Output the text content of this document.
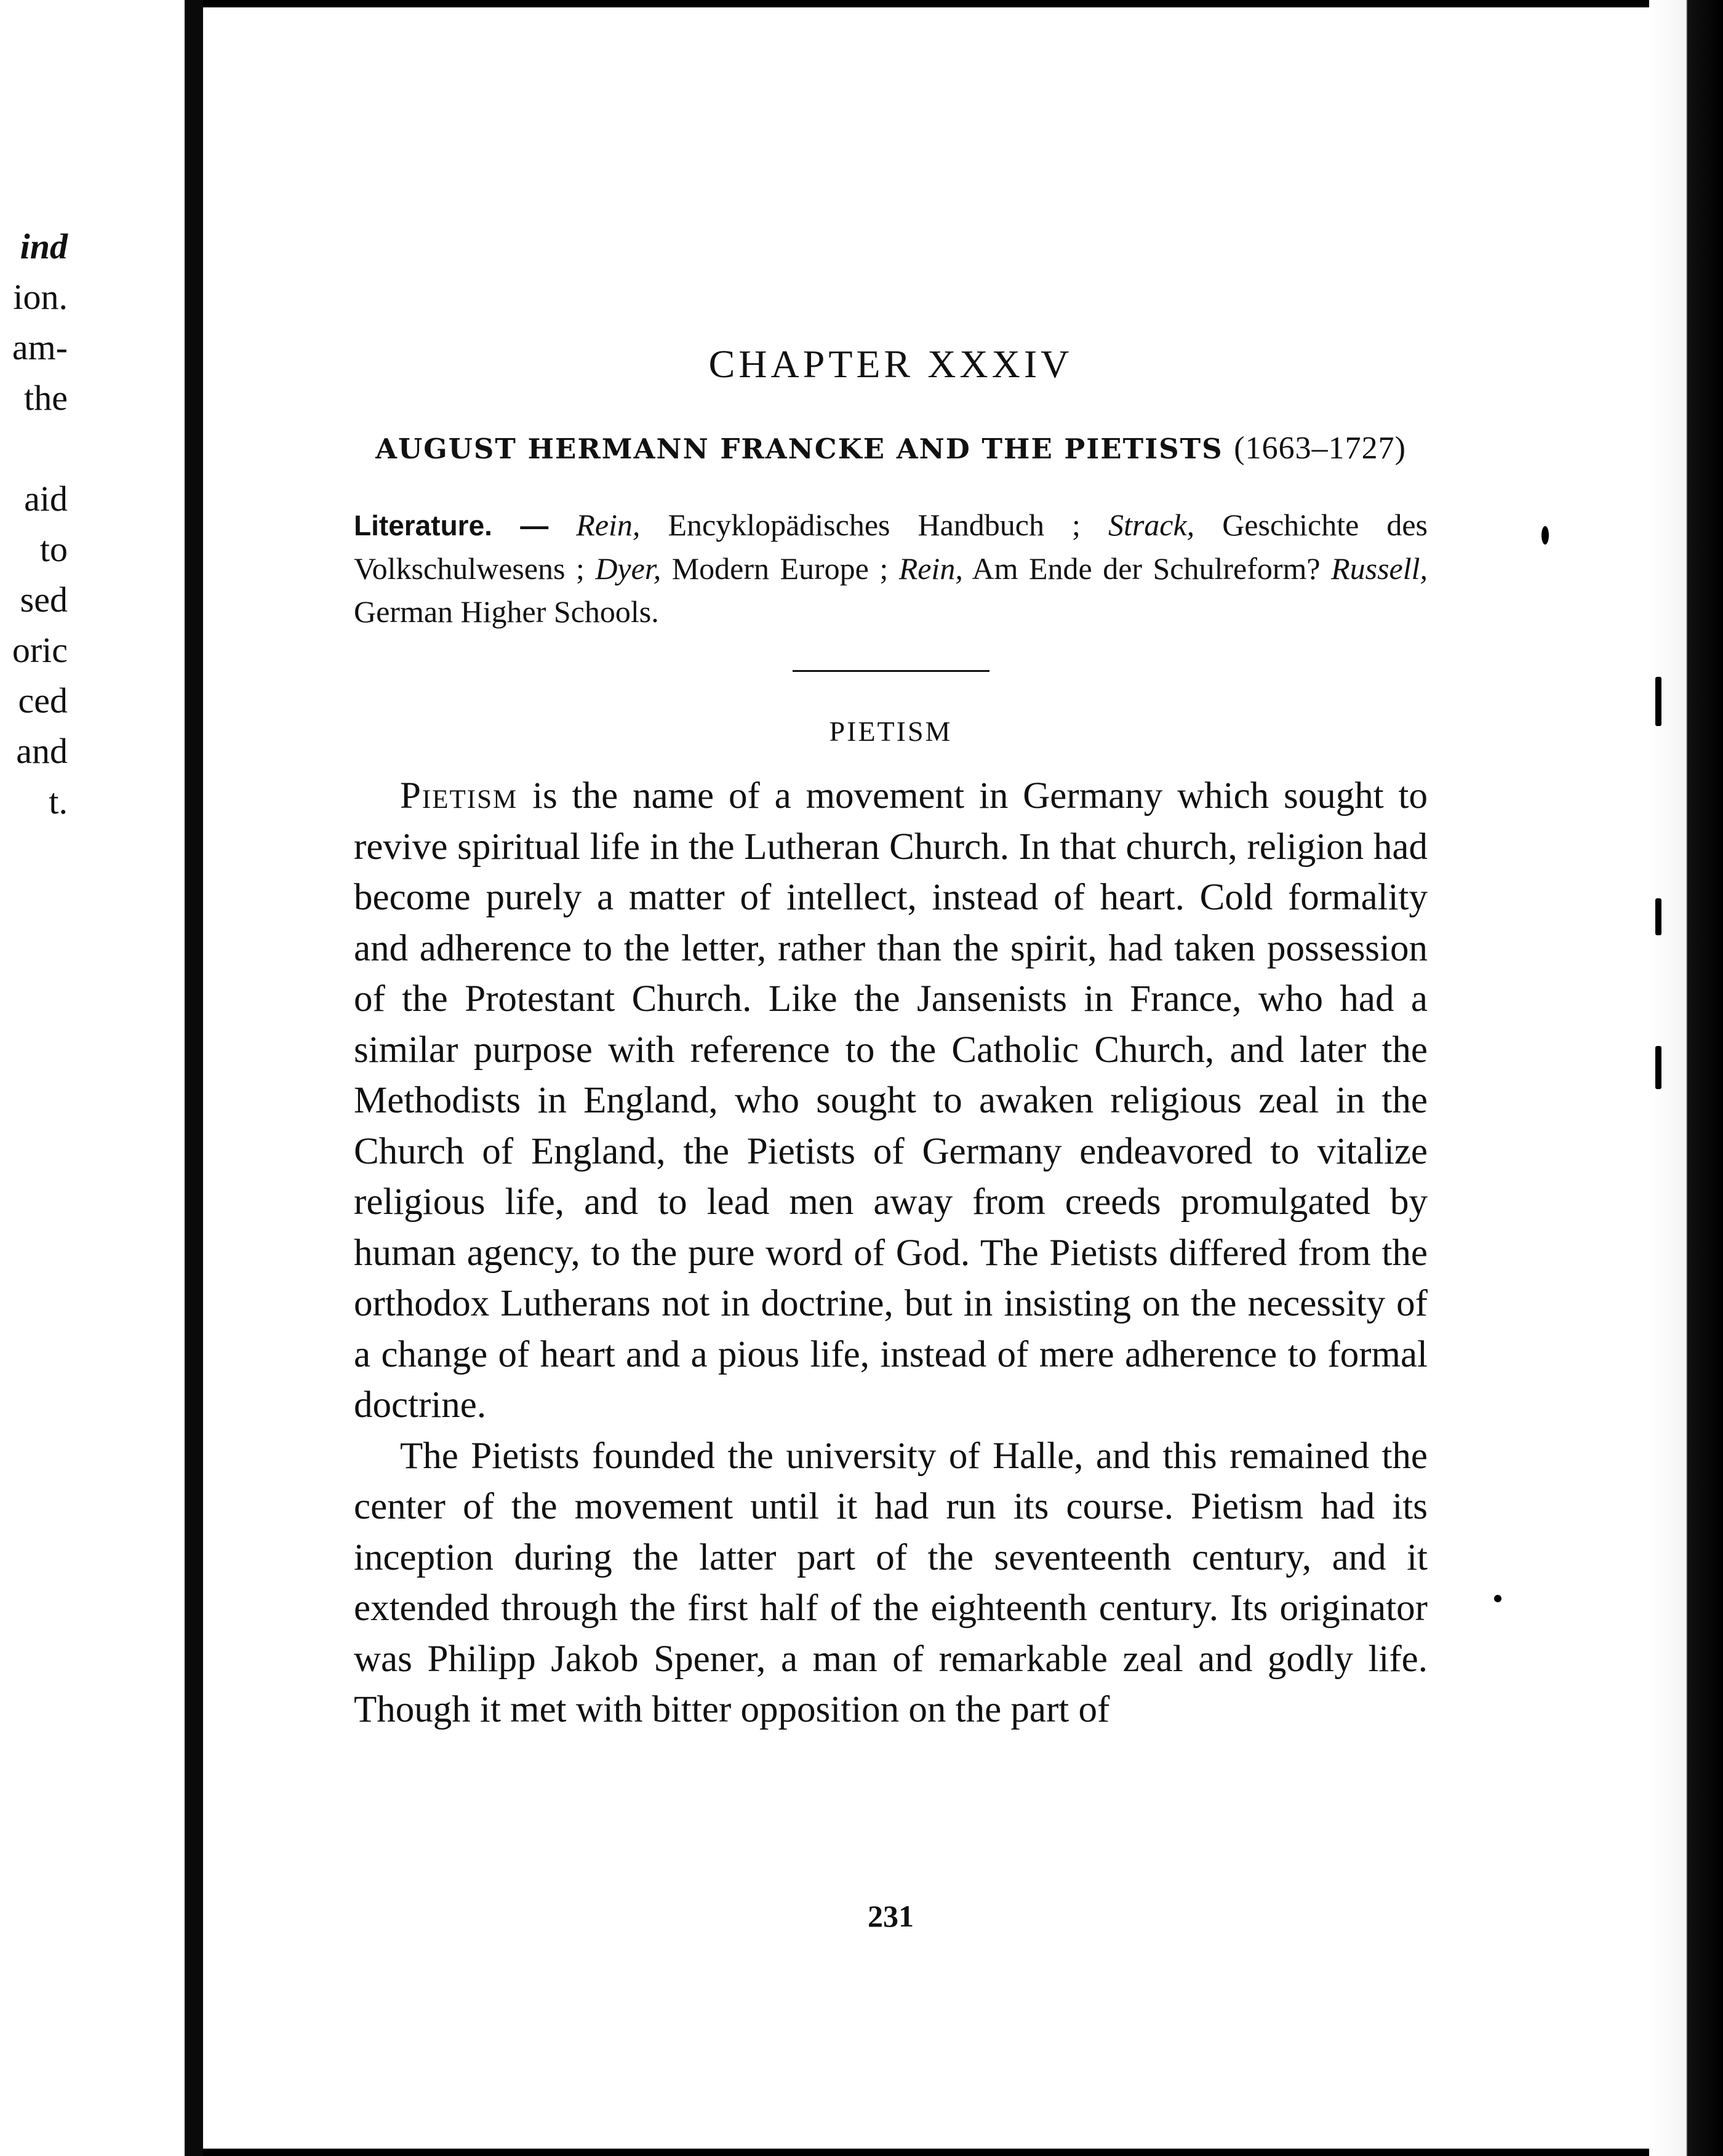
ind
ion.
am-
the
aid
to
sed
oric
ced
and
t.
CHAPTER XXXIV
AUGUST HERMANN FRANCKE AND THE PIETISTS (1663–1727)

Literature. — Rein, Encyklopädisches Handbuch ; Strack, Geschichte des Volkschulwesens ; Dyer, Modern Europe ; Rein, Am Ende der Schulreform? Russell, German Higher Schools.

PIETISM

Pietism is the name of a movement in Germany which sought to revive spiritual life in the Lutheran Church. In that church, religion had become purely a matter of intellect, instead of heart. Cold formality and adherence to the letter, rather than the spirit, had taken possession of the Protestant Church. Like the Jansenists in France, who had a similar purpose with reference to the Catholic Church, and later the Methodists in England, who sought to awaken religious zeal in the Church of England, the Pietists of Germany endeavored to vitalize religious life, and to lead men away from creeds promulgated by human agency, to the pure word of God. The Pietists differed from the orthodox Lutherans not in doctrine, but in insisting on the necessity of a change of heart and a pious life, instead of mere adherence to formal doctrine.

The Pietists founded the university of Halle, and this remained the center of the movement until it had run its course. Pietism had its inception during the latter part of the seventeenth century, and it extended through the first half of the eighteenth century. Its originator was Philipp Jakob Spener, a man of remarkable zeal and godly life. Though it met with bitter opposition on the part of

231
